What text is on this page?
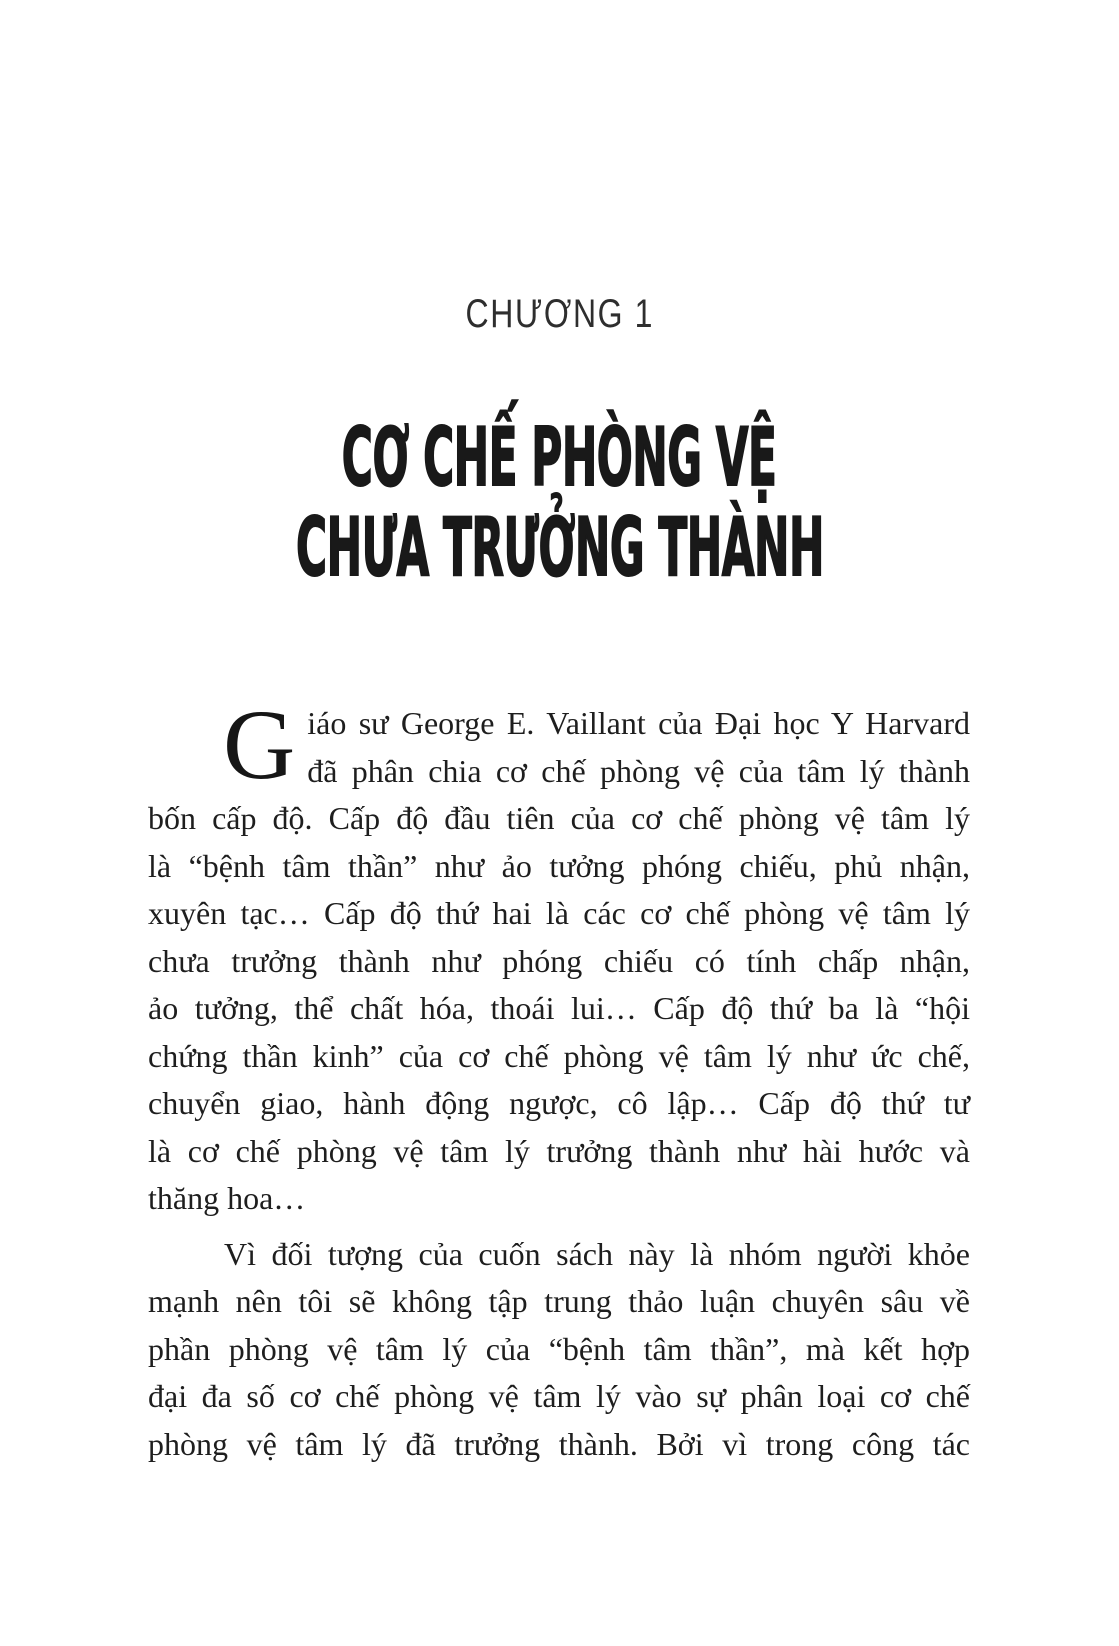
CHƯƠNG 1
CƠ CHẾ PHÒNG VỆ
CHƯA TRƯỞNG THÀNH
G iáo sư George E. Vaillant của Đại học Y Harvard
đã phân chia cơ chế phòng vệ của tâm lý thành
bốn cấp độ. Cấp độ đầu tiên của cơ chế phòng vệ tâm lý
là “bệnh tâm thần” như ảo tưởng phóng chiếu, phủ nhận,
xuyên tạc… Cấp độ thứ hai là các cơ chế phòng vệ tâm lý
chưa trưởng thành như phóng chiếu có tính chấp nhận,
ảo tưởng, thể chất hóa, thoái lui… Cấp độ thứ ba là “hội
chứng thần kinh” của cơ chế phòng vệ tâm lý như ức chế,
chuyển giao, hành động ngược, cô lập… Cấp độ thứ tư
là cơ chế phòng vệ tâm lý trưởng thành như hài hước và
thăng hoa…
Vì đối tượng của cuốn sách này là nhóm người khỏe
mạnh nên tôi sẽ không tập trung thảo luận chuyên sâu về
phần phòng vệ tâm lý của “bệnh tâm thần”, mà kết hợp
đại đa số cơ chế phòng vệ tâm lý vào sự phân loại cơ chế
phòng vệ tâm lý đã trưởng thành. Bởi vì trong công tác
